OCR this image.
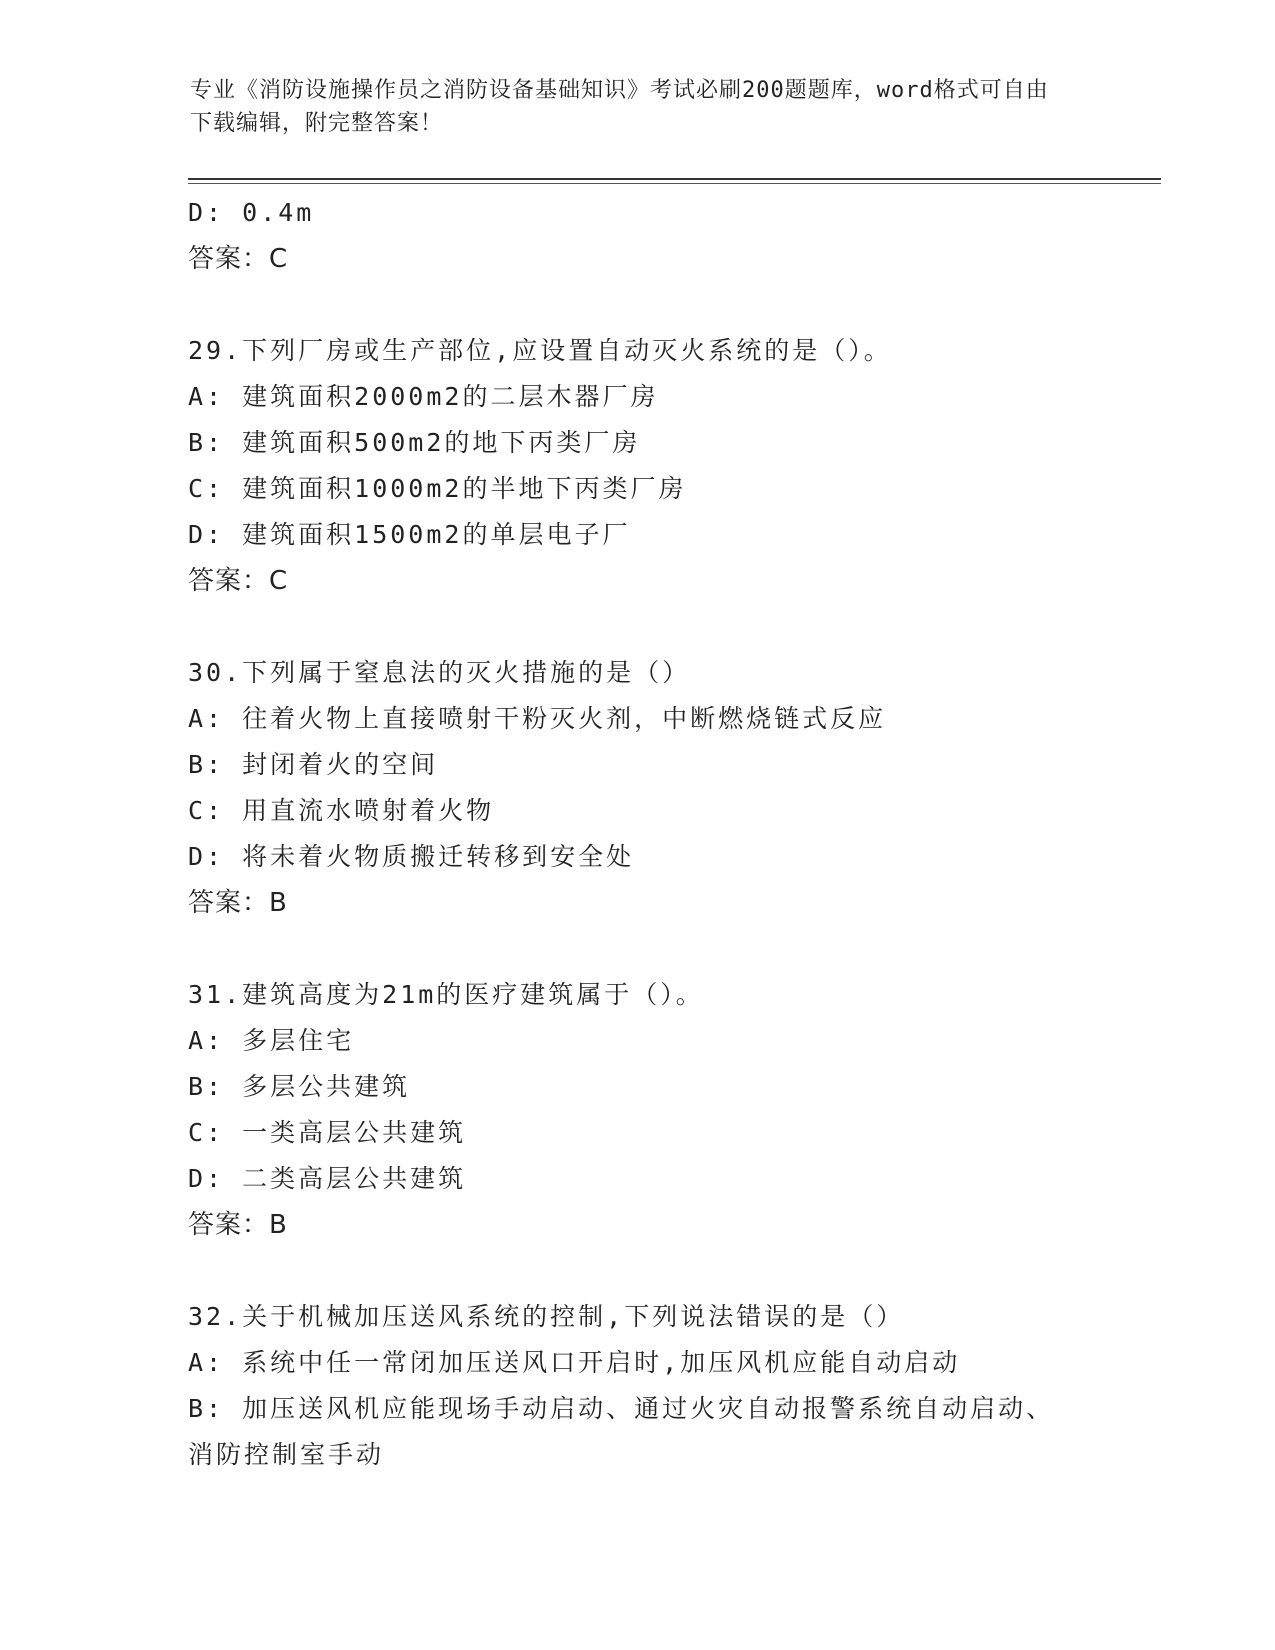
专业《消防设施操作员之消防设备基础知识》考试必刷200题题库，word格式可自由下载编辑，附完整答案！
D: 0.4m
答案：C
29.下列厂房或生产部位,应设置自动灭火系统的是（）。
A: 建筑面积2000m2的二层木器厂房
B: 建筑面积500m2的地下丙类厂房
C: 建筑面积1000m2的半地下丙类厂房
D: 建筑面积1500m2的单层电子厂
答案：C
30.下列属于窒息法的灭火措施的是（）
A: 往着火物上直接喷射干粉灭火剂，中断燃烧链式反应
B: 封闭着火的空间
C: 用直流水喷射着火物
D: 将未着火物质搬迁转移到安全处
答案：B
31.建筑高度为21m的医疗建筑属于（）。
A: 多层住宅
B: 多层公共建筑
C: 一类高层公共建筑
D: 二类高层公共建筑
答案：B
32.关于机械加压送风系统的控制,下列说法错误的是（）
A: 系统中任一常闭加压送风口开启时,加压风机应能自动启动
B: 加压送风机应能现场手动启动、通过火灾自动报警系统自动启动、消防控制室手动
